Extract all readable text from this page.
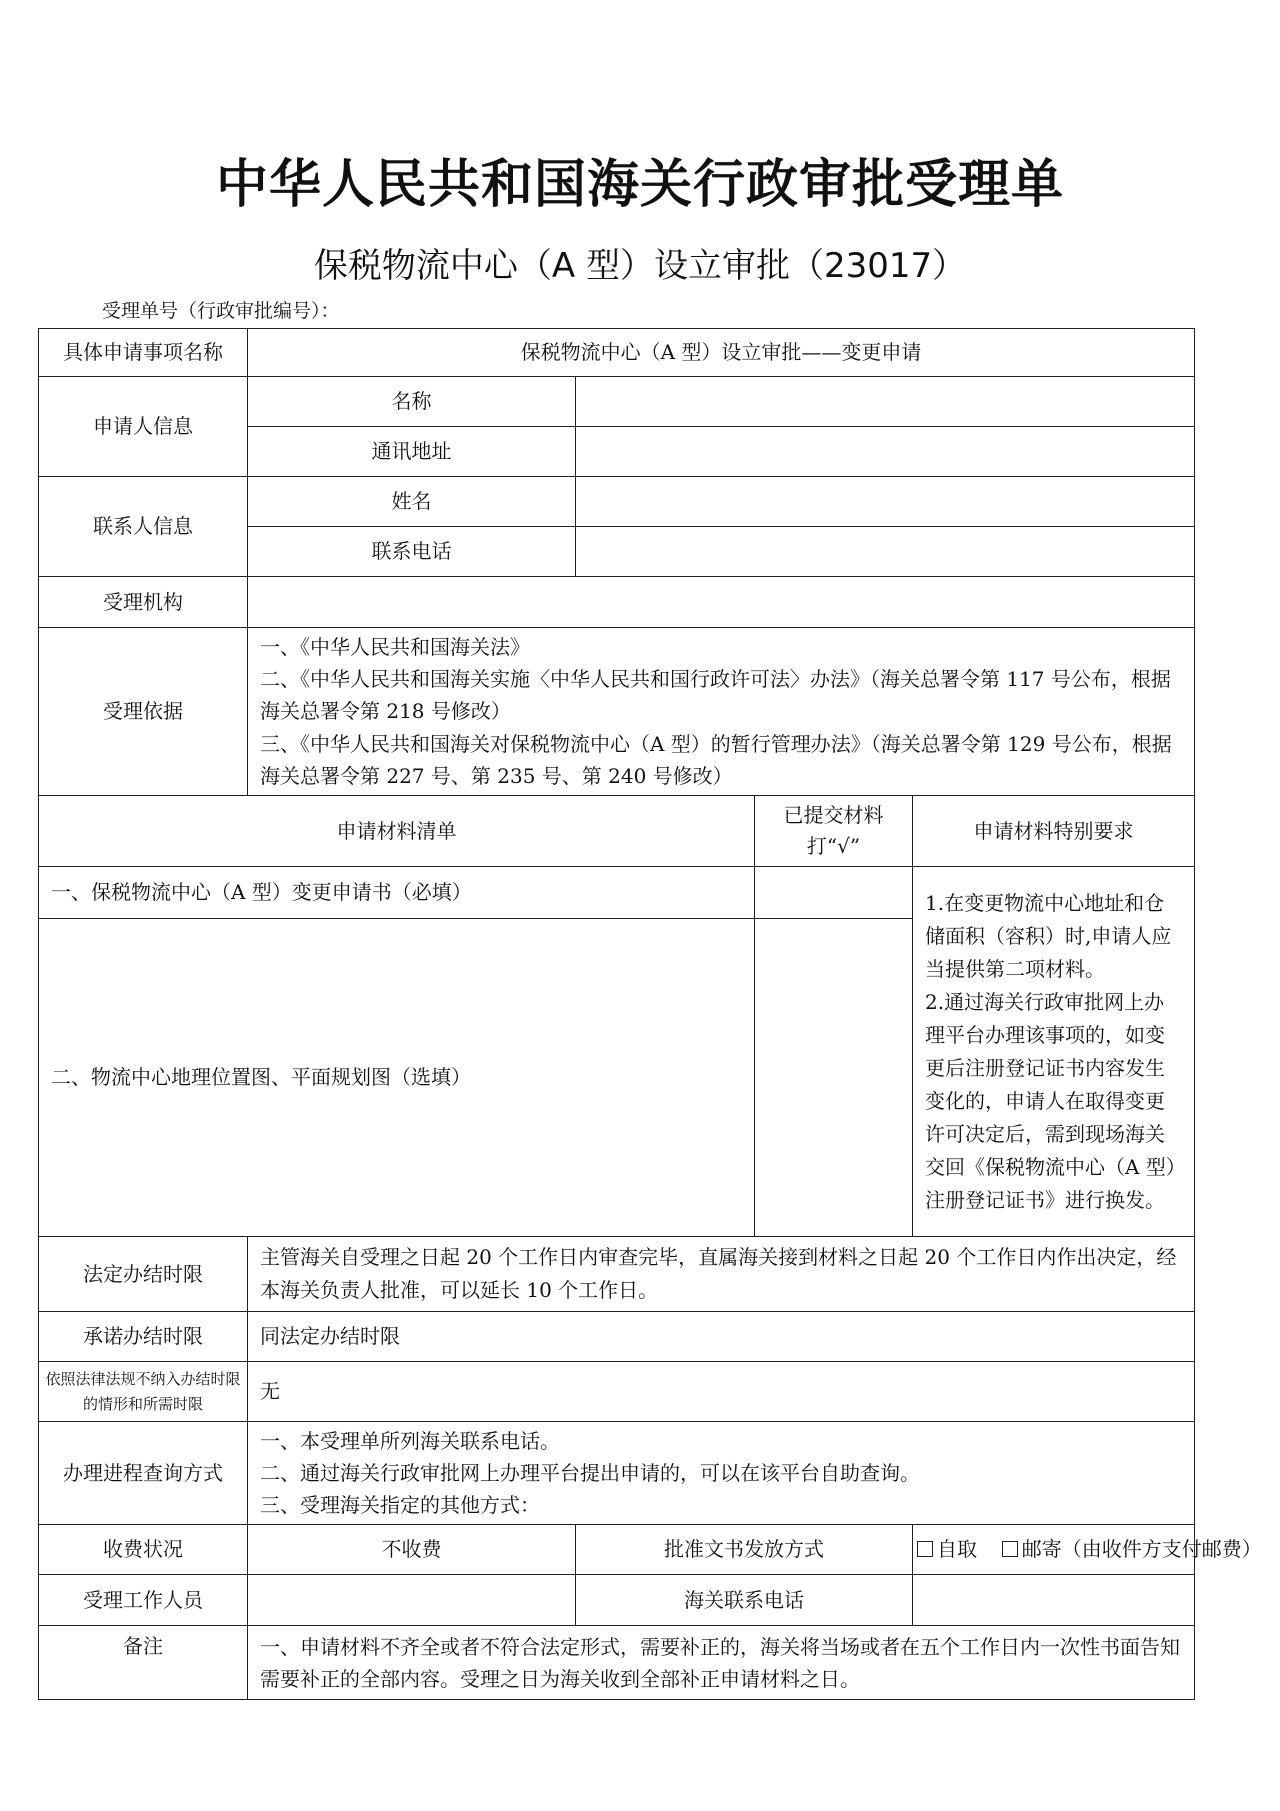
中华人民共和国海关行政审批受理单
保税物流中心（A 型）设立审批（23017）
受理单号（行政审批编号）：
具体申请事项名称	保税物流中心（A 型）设立审批——变更申请			
申请人信息	名称			
	通讯地址			
联系人信息	姓名			
	联系电话			
受理机构				
受理依据	一、《中华人民共和国海关法》
二、《中华人民共和国海关实施〈中华人民共和国行政许可法〉办法》（海关总署令第 117 号公布，根据海关总署令第 218 号修改）
三、《中华人民共和国海关对保税物流中心（A 型）的暂行管理办法》（海关总署令第 129 号公布，根据海关总署令第 227 号、第 235 号、第 240 号修改）			

申请材料清单			已提交材料打“√”	申请材料特别要求
一、保税物流中心（A 型）变更申请书（必填）				1.在变更物流中心地址和仓储面积（容积）时,申请人应当提供第二项材料。
2.通过海关行政审批网上办理平台办理该事项的，如变更后注册登记证书内容发生变化的，申请人在取得变更许可决定后，需到现场海关交回《保税物流中心（A 型）注册登记证书》进行换发。
二、物流中心地理位置图、平面规划图（选填）				
法定办结时限	主管海关自受理之日起 20 个工作日内审查完毕，直属海关接到材料之日起 20 个工作日内作出决定，经本海关负责人批准，可以延长 10 个工作日。			
承诺办结时限	同法定办结时限			
依照法律法规不纳入办结时限的情形和所需时限	无			
办理进程查询方式	一、本受理单所列海关联系电话。
二、通过海关行政审批网上办理平台提出申请的，可以在该平台自助查询。
三、受理海关指定的其他方式：			

收费状况	不收费	批准文书发放方式		自取 邮寄（由收件方支付邮费）
受理工作人员		海关联系电话		
备注	一、申请材料不齐全或者不符合法定形式，需要补正的，海关将当场或者在五个工作日内一次性书面告知需要补正的全部内容。受理之日为海关收到全部补正申请材料之日。			
